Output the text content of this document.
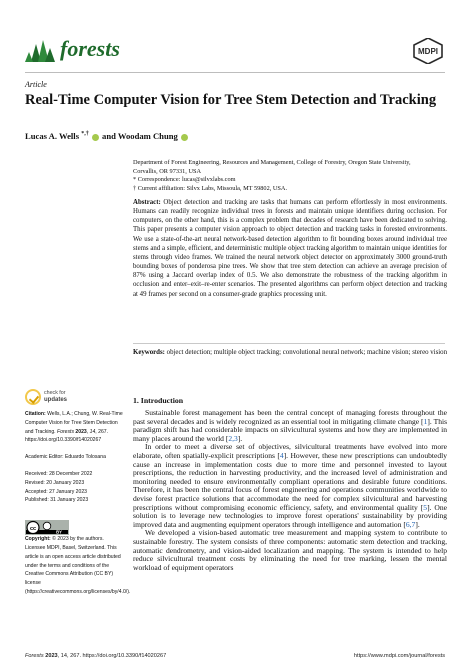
forests	MDPI
Article
Real-Time Computer Vision for Tree Stem Detection and Tracking
Lucas A. Wells *,† and Woodam Chung
Department of Forest Engineering, Resources and Management, College of Forestry, Oregon State University,
Corvallis, OR 97331, USA
* Correspondence: lucas@silvxlabs.com
† Current affiliation: Silvx Labs, Missoula, MT 59802, USA.
Abstract: Object detection and tracking are tasks that humans can perform effortlessly in most environments. Humans can readily recognize individual trees in forests and maintain unique identifiers during occlusion. For computers, on the other hand, this is a complex problem that decades of research have been dedicated to solving. This paper presents a computer vision approach to object detection and tracking tasks in forested environments. We use a state-of-the-art neural network-based detection algorithm to fit bounding boxes around individual tree stems and a simple, efficient, and deterministic multiple object tracking algorithm to maintain unique identities for stems through video frames. We trained the neural network object detector on approximately 3000 ground-truth bounding boxes of ponderosa pine trees. We show that tree stem detection can achieve an average precision of 87% using a Jaccard overlap index of 0.5. We also demonstrate the robustness of the tracking algorithm in occlusion and enter–exit–re-enter scenarios. The presented algorithms can perform object detection and tracking at 49 frames per second on a consumer-grade graphics processing unit.
Keywords: object detection; multiple object tracking; convolutional neural network; machine vision; stereo vision
check for
updates

Citation: Wells, L.A.; Chung, W. Real-Time Computer Vision for Tree Stem Detection and Tracking. Forests 2023, 14, 267. https://doi.org/10.3390/f14020267

Academic Editor: Eduardo Tolosana

Received: 28 December 2022

Revised: 20 January 2023

Accepted: 27 January 2023

Published: 31 January 2023

Copyright: © 2023 by the authors. Licensee MDPI, Basel, Switzerland. This article is an open access article distributed under the terms and conditions of the Creative Commons Attribution (CC BY) license (https://creativecommons.org/licenses/by/4.0/).

cc	BY
1. Introduction

Sustainable forest management has been the central concept of managing forests throughout the past several decades and is widely recognized as an essential tool in mitigating climate change [1]. This paradigm shift has had considerable impacts on silvicultural systems and how they are implemented in many places around the world [2,3].

In order to meet a diverse set of objectives, silvicultural treatments have evolved into more elaborate, often spatially-explicit prescriptions [4]. However, these new prescriptions can undoubtedly cause an increase in implementation costs due to more time and personnel invested to layout prescriptions, the reduction in harvesting productivity, and the increased level of administration and monitoring needed to ensure environmentally compliant operations and desirable future conditions. Therefore, it has been the central focus of forest engineering and operations communities worldwide to devise forest practice solutions that accommodate the need for complex silvicultural and harvesting prescriptions without compromising economic efficiency, safety, and environmental quality [5]. One solution is to leverage new technologies to improve forest operations' sustainability by providing improved data and augmenting equipment operators through intelligence and automation [6,7].

We developed a vision-based automatic tree measurement and mapping system to contribute to sustainable forestry. The system consists of three components: automatic stem detection and tracking, automatic dendrometry, and vision-aided localization and mapping. The system is intended to help reduce silvicultural treatment costs by eliminating the need for tree marking, lessen the mental workload of equipment operators

Forests 2023, 14, 267. https://doi.org/10.3390/f14020267	https://www.mdpi.com/journal/forests
